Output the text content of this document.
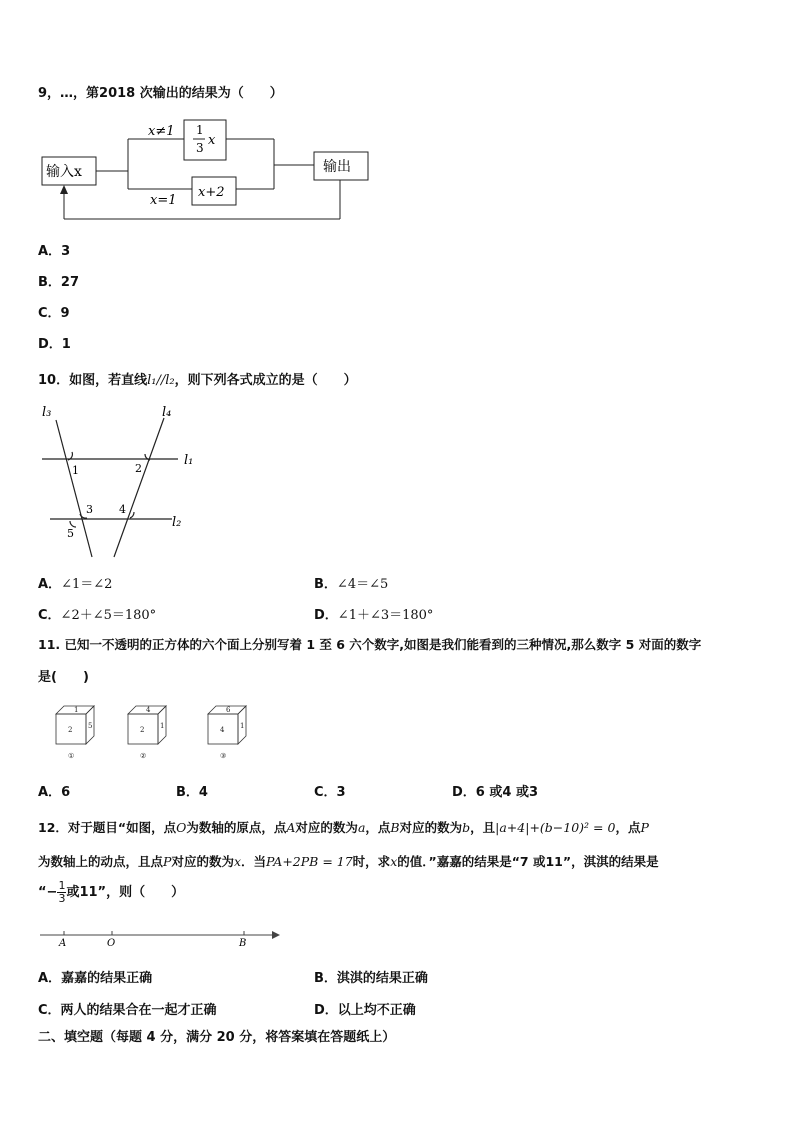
9，…，第2018 次输出的结果为（　　）
输入x	输出
x≠1 1
3 x
x=1
x+2
A．3
B．27
C．9
D．1
10．如图，若直线l₁//l₂，则下列各式成立的是（　　）
l₃	l₄
l₁
l₂
1	2
3 4
5
A．∠1＝∠2	B．∠4＝∠5
C．∠2＋∠5＝180°	D．∠1＋∠3＝180°
11. 已知一不透明的正方体的六个面上分别写着 1 至 6 六个数字,如图是我们能看到的三种情况,那么数字 5 对面的数字
是(　　)
1
2 5
4
2 1
6
4 1
①	②	③
A．6	B．4	C．3	D．6 或4 或3
12．对于题目“如图，点O为数轴的原点，点A对应的数为a，点B对应的数为b，且|a+4|+(b−10)² = 0，点P
为数轴上的动点，且点P对应的数为x．当PA+2PB = 17时，求x的值．”嘉嘉的结果是“7 或11”，淇淇的结果是
“− $\frac{1}{3}$ 或11”，则（　　）
A	O	B
A．嘉嘉的结果正确	B．淇淇的结果正确
C．两人的结果合在一起才正确	D．以上均不正确
二、填空题（每题 4 分，满分 20 分，将答案填在答题纸上）
